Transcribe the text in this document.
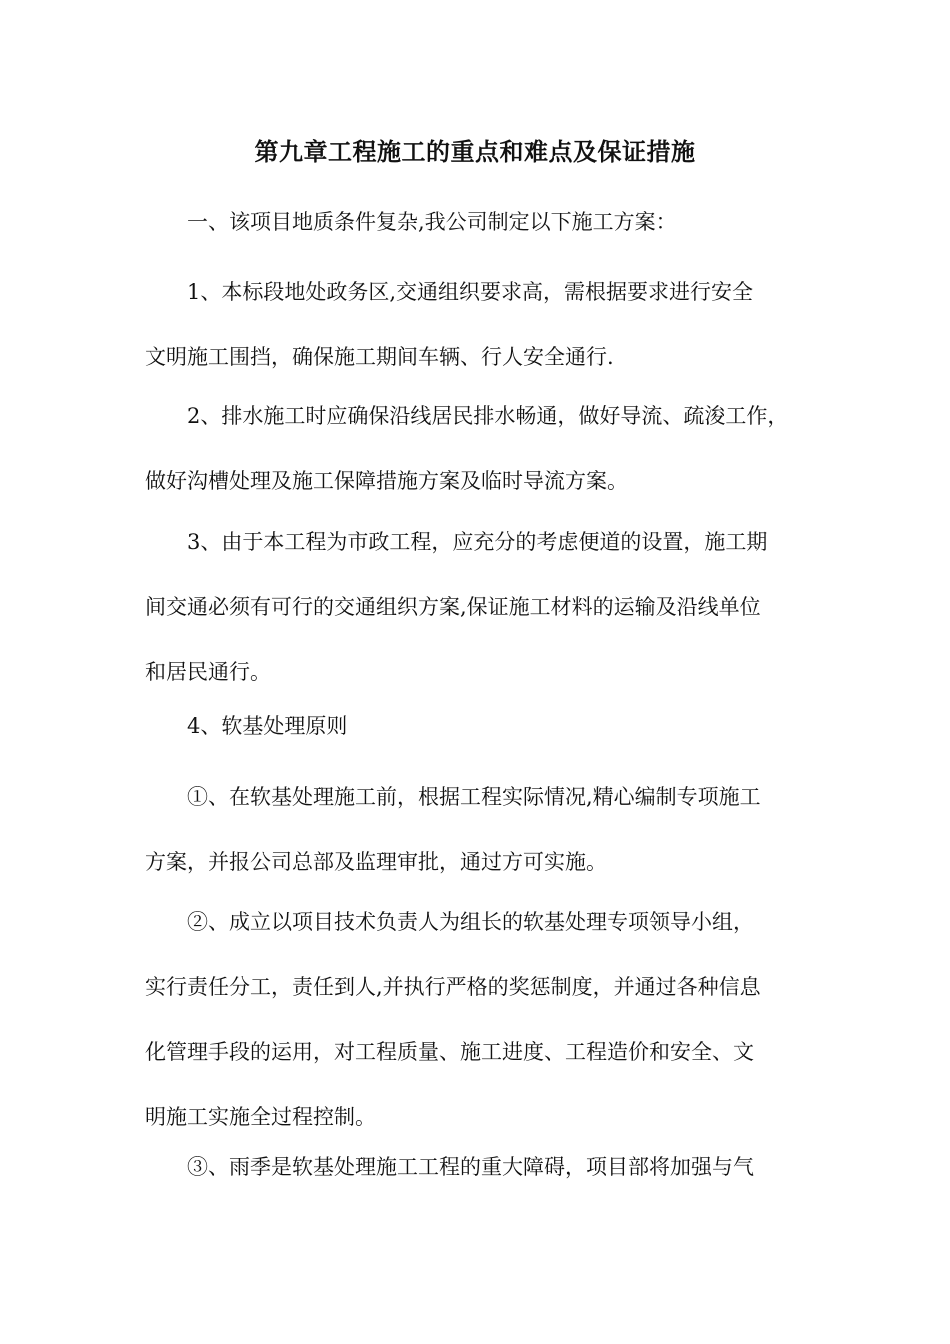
第九章工程施工的重点和难点及保证措施
一、该项目地质条件复杂,我公司制定以下施工方案：
1、本标段地处政务区,交通组织要求高，需根据要求进行安全
文明施工围挡，确保施工期间车辆、行人安全通行.
2、排水施工时应确保沿线居民排水畅通，做好导流、疏浚工作，
做好沟槽处理及施工保障措施方案及临时导流方案。
3、由于本工程为市政工程，应充分的考虑便道的设置，施工期
间交通必须有可行的交通组织方案,保证施工材料的运输及沿线单位
和居民通行。
4、软基处理原则
①、在软基处理施工前，根据工程实际情况,精心编制专项施工
方案，并报公司总部及监理审批，通过方可实施。
②、成立以项目技术负责人为组长的软基处理专项领导小组，
实行责任分工，责任到人,并执行严格的奖惩制度，并通过各种信息
化管理手段的运用，对工程质量、施工进度、工程造价和安全、文
明施工实施全过程控制。
③、雨季是软基处理施工工程的重大障碍，项目部将加强与气
